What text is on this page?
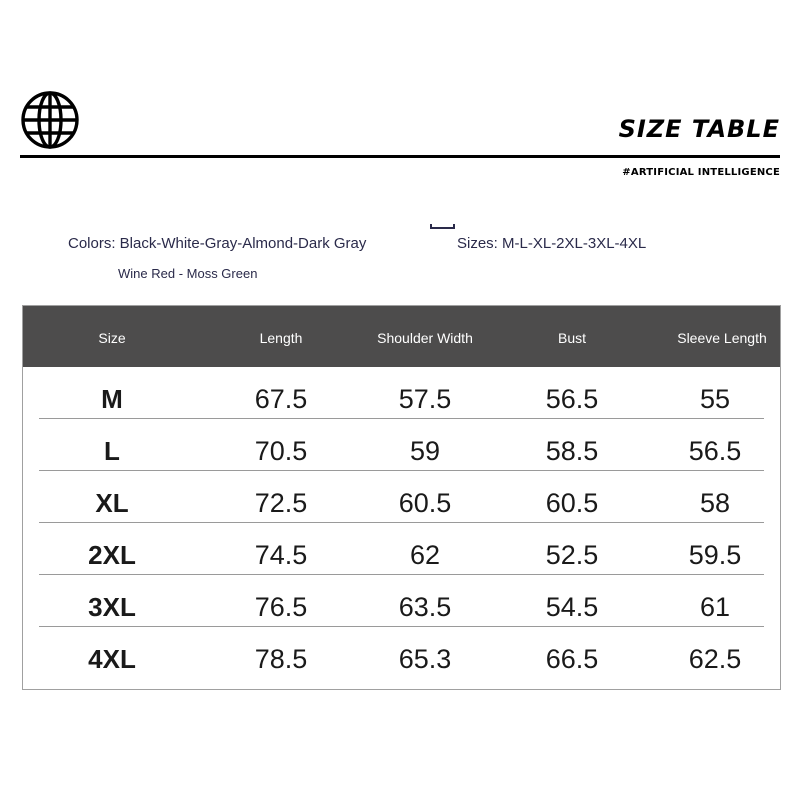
SIZE TABLE
#ARTIFICIAL INTELLIGENCE
Colors: Black-White-Gray-Almond-Dark Gray
Wine Red - Moss Green
Sizes: M-L-XL-2XL-3XL-4XL
Size	Length	Shoulder Width	Bust	Sleeve Length
M	67.5	57.5	56.5	55
L	70.5	59	58.5	56.5
XL	72.5	60.5	60.5	58
2XL	74.5	62	52.5	59.5
3XL	76.5	63.5	54.5	61
4XL	78.5	65.3	66.5	62.5
